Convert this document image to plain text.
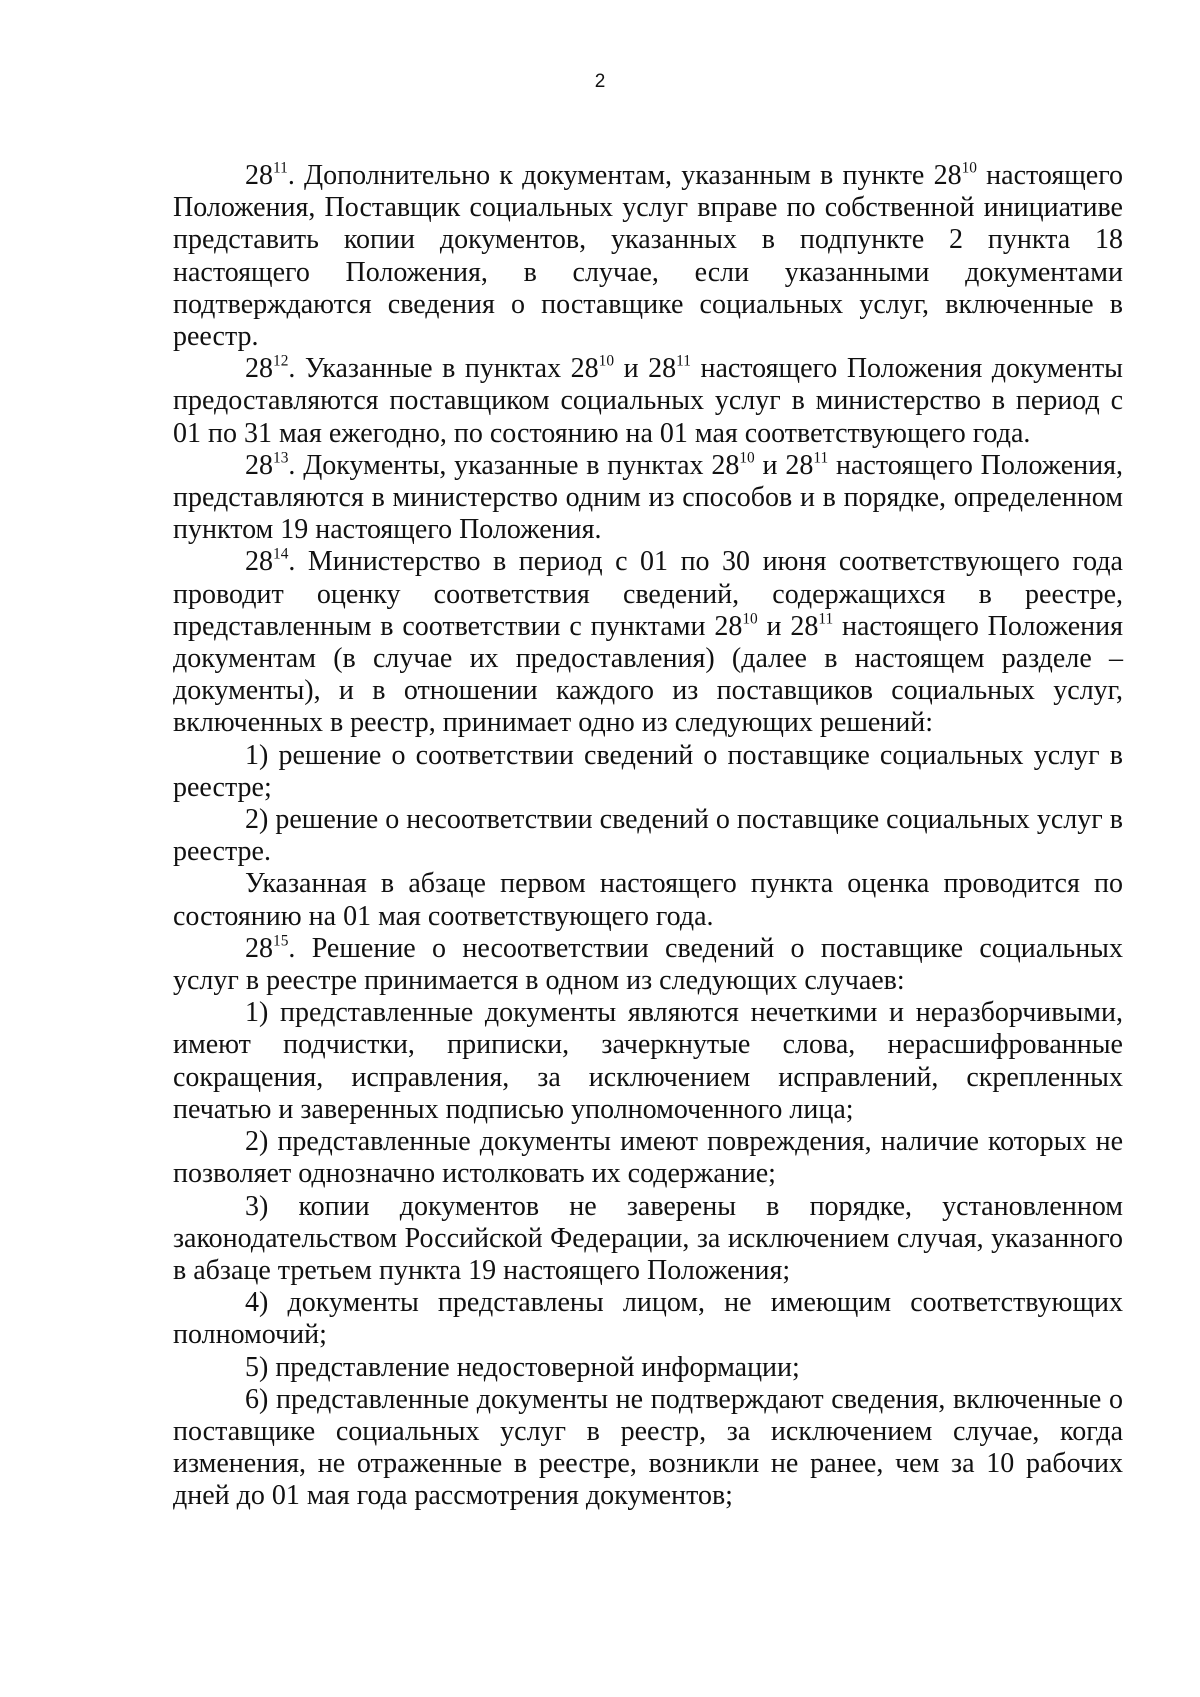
2

$28^{11}$. Дополнительно к документам, указанным в пункте $28^{10}$ настоящего Положения, Поставщик социальных услуг вправе по собственной инициативе представить копии документов, указанных в подпункте 2 пункта 18 настоящего Положения, в случае, если указанными документами подтверждаются сведения о поставщике социальных услуг, включенные в реестр.

$28^{12}$. Указанные в пунктах $28^{10}$ и $28^{11}$ настоящего Положения документы предоставляются поставщиком социальных услуг в министерство в период с 01 по 31 мая ежегодно, по состоянию на 01 мая соответствующего года.

$28^{13}$. Документы, указанные в пунктах $28^{10}$ и $28^{11}$ настоящего Положения, представляются в министерство одним из способов и в порядке, определенном пунктом 19 настоящего Положения.

$28^{14}$. Министерство в период с 01 по 30 июня соответствующего года проводит оценку соответствия сведений, содержащихся в реестре, представленным в соответствии с пунктами $28^{10}$ и $28^{11}$ настоящего Положения документам (в случае их предоставления) (далее в настоящем разделе – документы), и в отношении каждого из поставщиков социальных услуг, включенных в реестр, принимает одно из следующих решений:

1) решение о соответствии сведений о поставщике социальных услуг в реестре;

2) решение о несоответствии сведений о поставщике социальных услуг в реестре.

Указанная в абзаце первом настоящего пункта оценка проводится по состоянию на 01 мая соответствующего года.

$28^{15}$. Решение о несоответствии сведений о поставщике социальных услуг в реестре принимается в одном из следующих случаев:

1) представленные документы являются нечеткими и неразборчивыми, имеют подчистки, приписки, зачеркнутые слова, нерасшифрованные сокращения, исправления, за исключением исправлений, скрепленных печатью и заверенных подписью уполномоченного лица;

2) представленные документы имеют повреждения, наличие которых не позволяет однозначно истолковать их содержание;

3) копии документов не заверены в порядке, установленном законодательством Российской Федерации, за исключением случая, указанного в абзаце третьем пункта 19 настоящего Положения;

4) документы представлены лицом, не имеющим соответствующих полномочий;

5) представление недостоверной информации;

6) представленные документы не подтверждают сведения, включенные о поставщике социальных услуг в реестр, за исключением случае, когда изменения, не отраженные в реестре, возникли не ранее, чем за 10 рабочих дней до 01 мая года рассмотрения документов;
